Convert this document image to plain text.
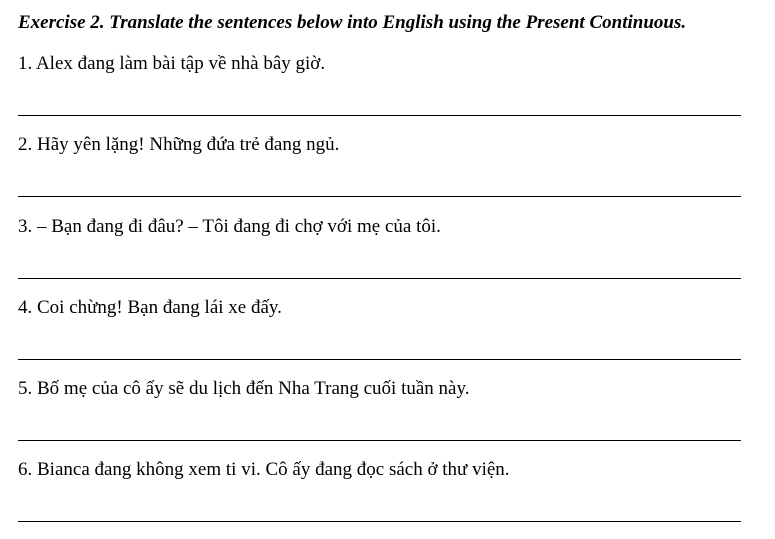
Exercise 2. Translate the sentences below into English using the Present Continuous.
1. Alex đang làm bài tập về nhà bây giờ.
2. Hãy yên lặng! Những đứa trẻ đang ngủ.
3. – Bạn đang đi đâu? – Tôi đang đi chợ với mẹ của tôi.
4. Coi chừng! Bạn đang lái xe đấy.
5. Bố mẹ của cô ấy sẽ du lịch đến Nha Trang cuối tuần này.
6. Bianca đang không xem ti vi. Cô ấy đang đọc sách ở thư viện.
